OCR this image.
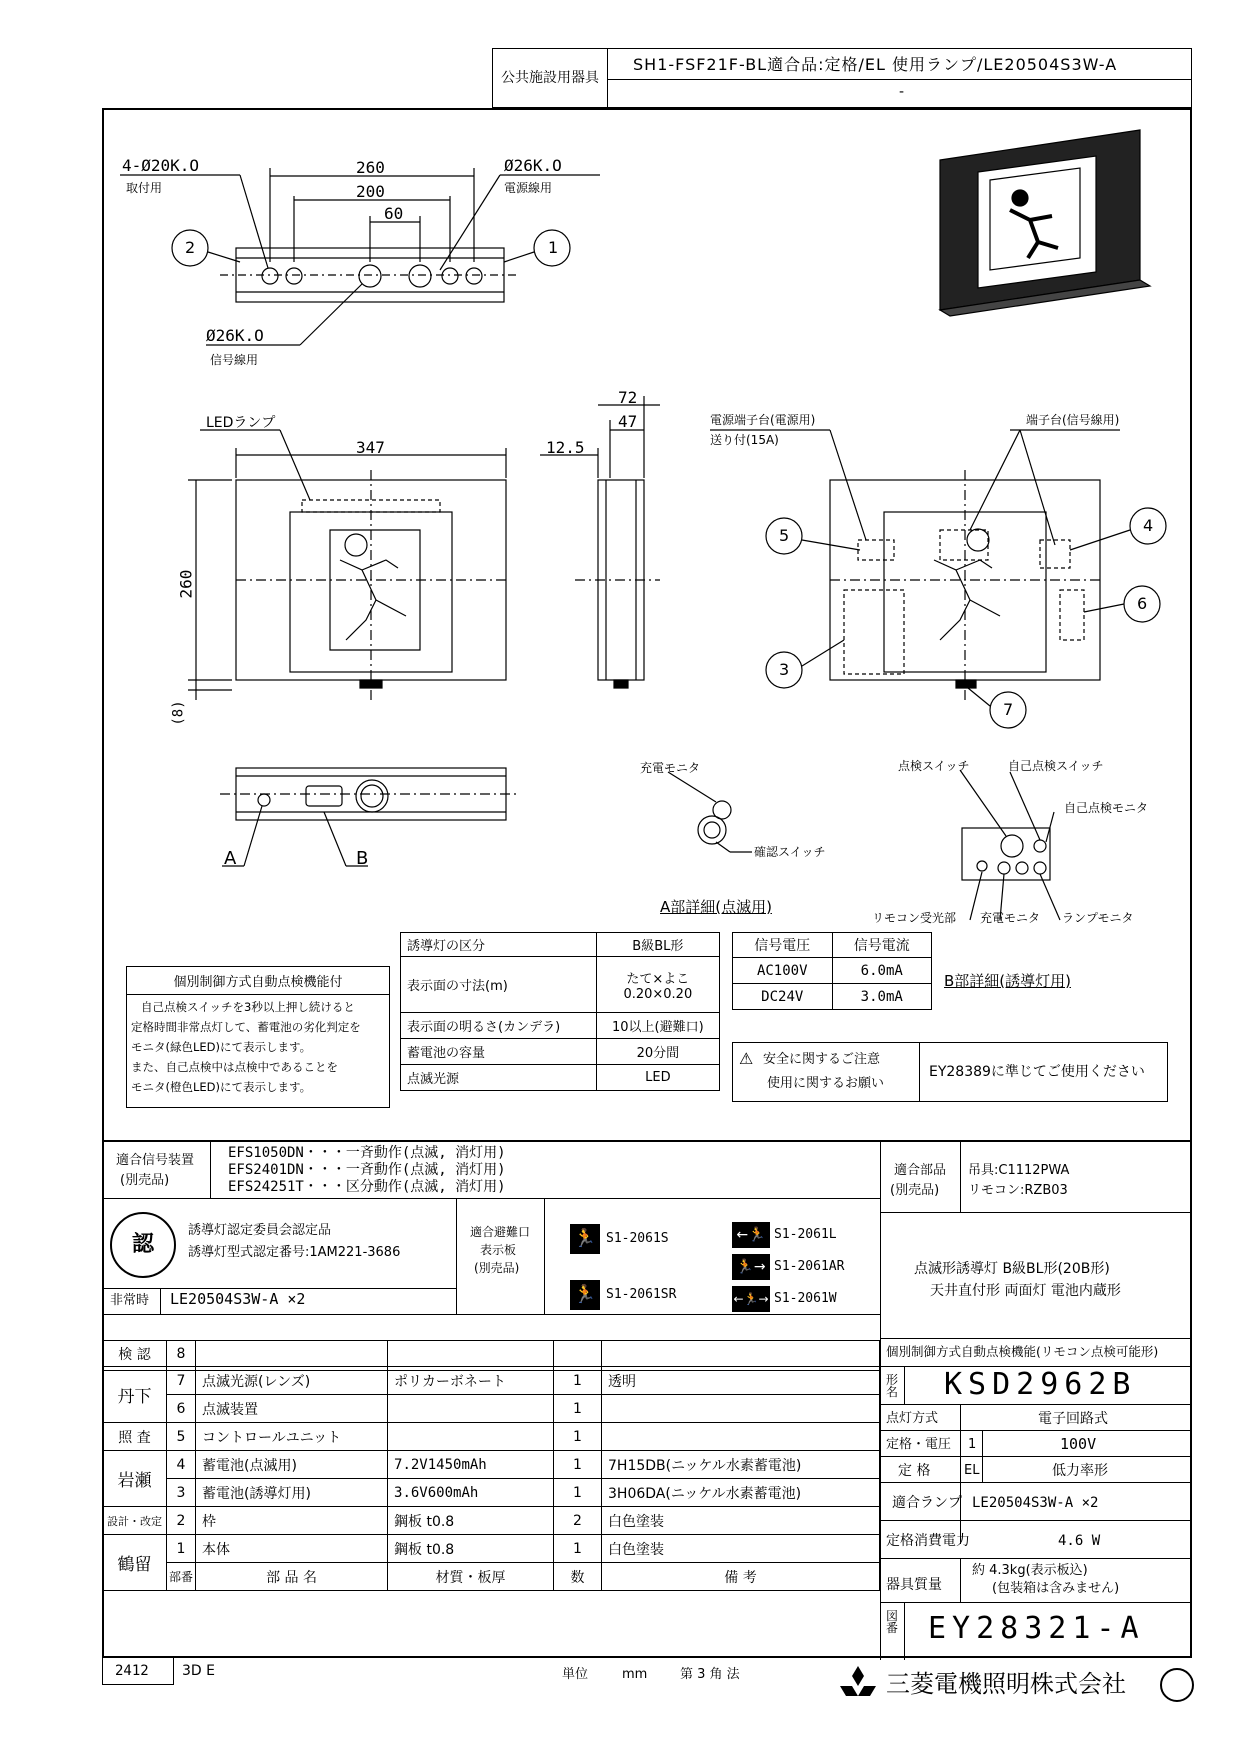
公共施設用器具
SH1-FSF21F-BL適合品:定格/EL 使用ランプ/LE20504S3W-A
-
4-Ø20K.O
取付用
Ø26K.O
電源線用
Ø26K.O
信号線用
260
200
60
2	1
LEDランプ
347
260
(8)
72
47
12.5
電源端子台(電源用)
送り付(15A)
端子台(信号線用)
5
4
6
3
7
A	B
充電モニタ
確認スイッチ
A部詳細(点滅用)
点検スイッチ	自己点検スイッチ
自己点検モニタ
リモコン受光部 充電モニタ ランプモニタ
B部詳細(誘導灯用)
個別制御方式自動点検機能付
自己点検スイッチを3秒以上押し続けると
定格時間非常点灯して、蓄電池の劣化判定を
モニタ(緑色LED)にて表示します。
また、自己点検中は点検中であることを
モニタ(橙色LED)にて表示します。
誘導灯の区分	B級BL形
表示面の寸法(m)	たて×よこ
0.20×0.20
表示面の明るさ(カンデラ)	10以上(避難口)
蓄電池の容量	20分間
点滅光源	LED
信号電圧	信号電流
AC100V	6.0mA
DC24V	3.0mA
⚠ 安全に関するご注意
使用に関するお願い
EY28389に準じてご使用ください
適合信号装置
(別売品)
EFS1050DN・・・一斉動作(点滅, 消灯用)
EFS2401DN・・・一斉動作(点滅, 消灯用)
EFS24251T・・・区分動作(点滅, 消灯用)
適合部品
(別売品)
吊具:C1112PWA
リモコン:RZB03
認
誘導灯認定委員会認定品
誘導灯型式認定番号:1AM221-3686
非常時 LE20504S3W-A ×2
適合避難口
表示板
(別売品)
🏃 S1-2061S
🏃 S1-2061SR
←🏃 S1-2061L
🏃→ S1-2061AR
←🏃→ S1-2061W
点滅形誘導灯 B級BL形(20B形)
天井直付形 両面灯 電池内蔵形
個別制御方式自動点検機能(リモコン点検可能形)
形名 KSD2962B
点灯方式	電子回路式
定格・電圧 1	100V
定 格	EL	低力率形
適合ランプ LE20504S3W-A ×2
定格消費電力	4.6 W
器具質量
約 4.3kg(表示板込)
(包装箱は含みません)
図番 EY28321-A
検 認	8				
丹下	7	点滅光源(レンズ)	ポリカーボネート	1	透明
	6	点滅装置		1	
照 査	5	コントロールユニット		1	
岩瀬	4	蓄電池(点滅用)	7.2V1450mAh	1	7H15DB(ニッケル水素蓄電池)
	3	蓄電池(誘導灯用)	3.6V600mAh	1	3H06DA(ニッケル水素蓄電池)
設計・改定	2	枠	鋼板 t0.8	2	白色塗装
鶴留	1	本体	鋼板 t0.8	1	白色塗装
	部番	部 品 名	材質・板厚	数	備 考
2412 3D E	単位	mm	第 3 角 法	三菱電機照明株式会社
